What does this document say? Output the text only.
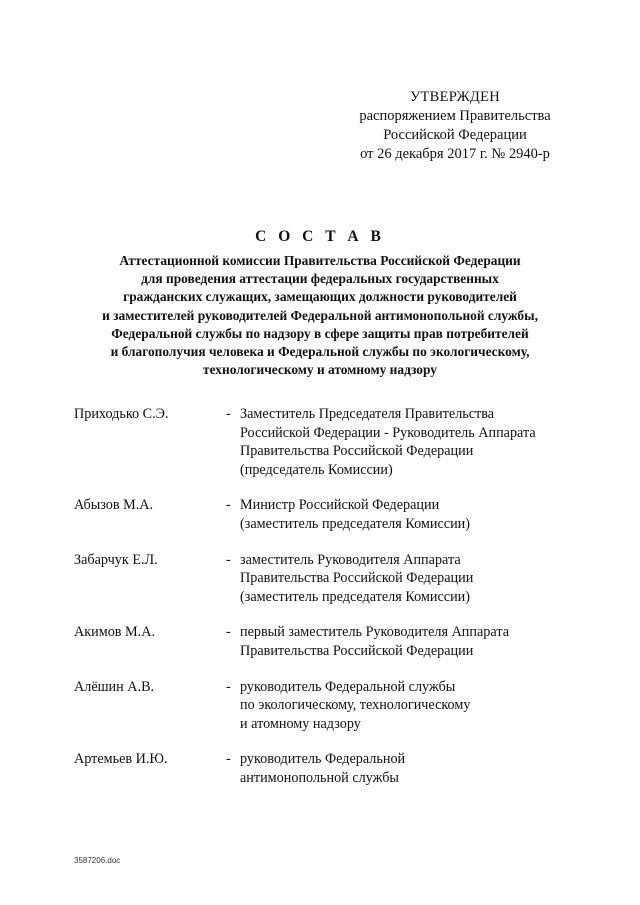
УТВЕРЖДЕН
распоряжением Правительства
Российской Федерации
от 26 декабря 2017 г. № 2940-р
С О С Т А В
Аттестационной комиссии Правительства Российской Федерации
для проведения аттестации федеральных государственных
гражданских служащих, замещающих должности руководителей
и заместителей руководителей Федеральной антимонопольной службы,
Федеральной службы по надзору в сфере защиты прав потребителей
и благополучия человека и Федеральной службы по экологическому,
технологическому и атомному надзору
Приходько С.Э.	- Заместитель Председателя Правительства
Российской Федерации - Руководитель Аппарата
Правительства Российской Федерации
(председатель Комиссии)
Абызов М.А.	- Министр Российской Федерации
(заместитель председателя Комиссии)
Забарчук Е.Л.	- заместитель Руководителя Аппарата
Правительства Российской Федерации
(заместитель председателя Комиссии)
Акимов М.А.	- первый заместитель Руководителя Аппарата
Правительства Российской Федерации
Алёшин А.В.	- руководитель Федеральной службы
по экологическому, технологическому
и атомному надзору
Артемьев И.Ю.	- руководитель Федеральной
антимонопольной службы
3587206.doc
